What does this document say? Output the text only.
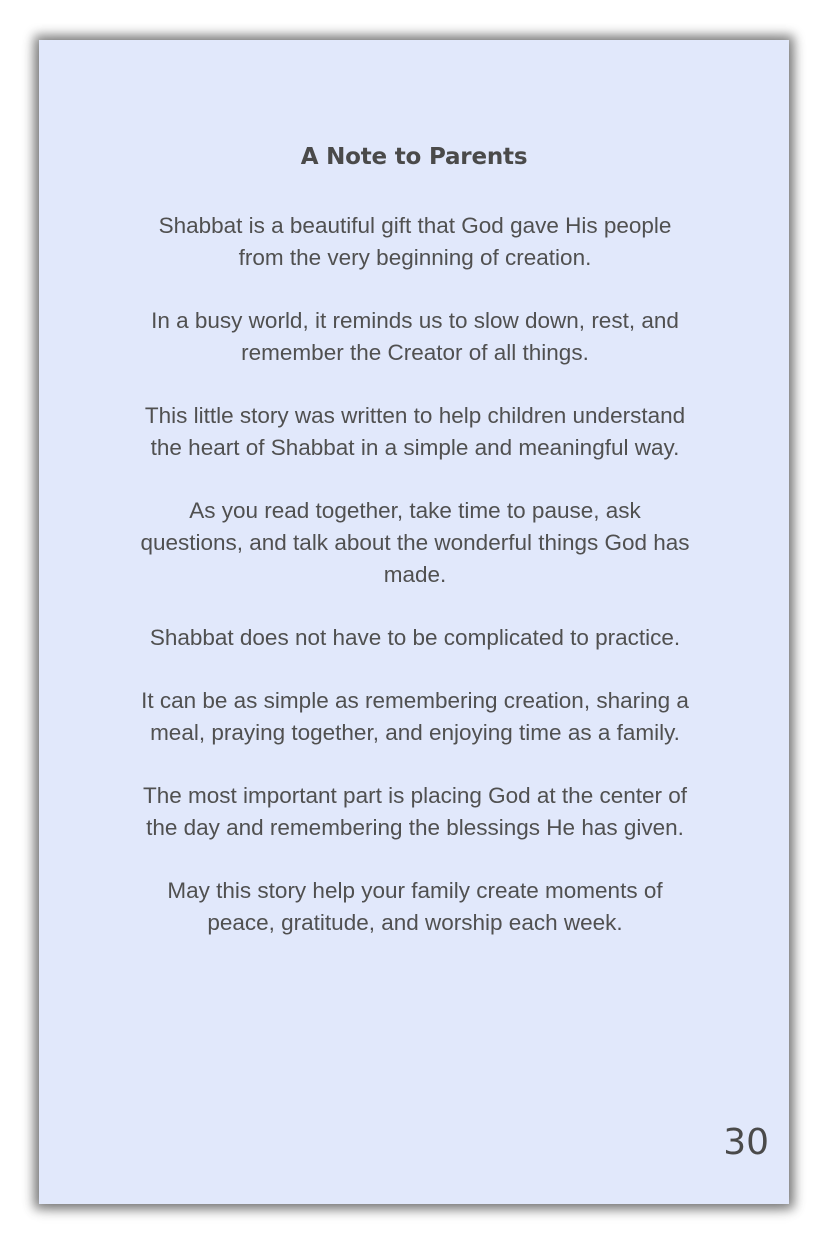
A Note to Parents

Shabbat is a beautiful gift that God gave His people from the very beginning of creation.

In a busy world, it reminds us to slow down, rest, and remember the Creator of all things.

This little story was written to help children understand the heart of Shabbat in a simple and meaningful way.

As you read together, take time to pause, ask questions, and talk about the wonderful things God has made.

Shabbat does not have to be complicated to practice.

It can be as simple as remembering creation, sharing a meal, praying together, and enjoying time as a family.

The most important part is placing God at the center of the day and remembering the blessings He has given.

May this story help your family create moments of peace, gratitude, and worship each week.

30
